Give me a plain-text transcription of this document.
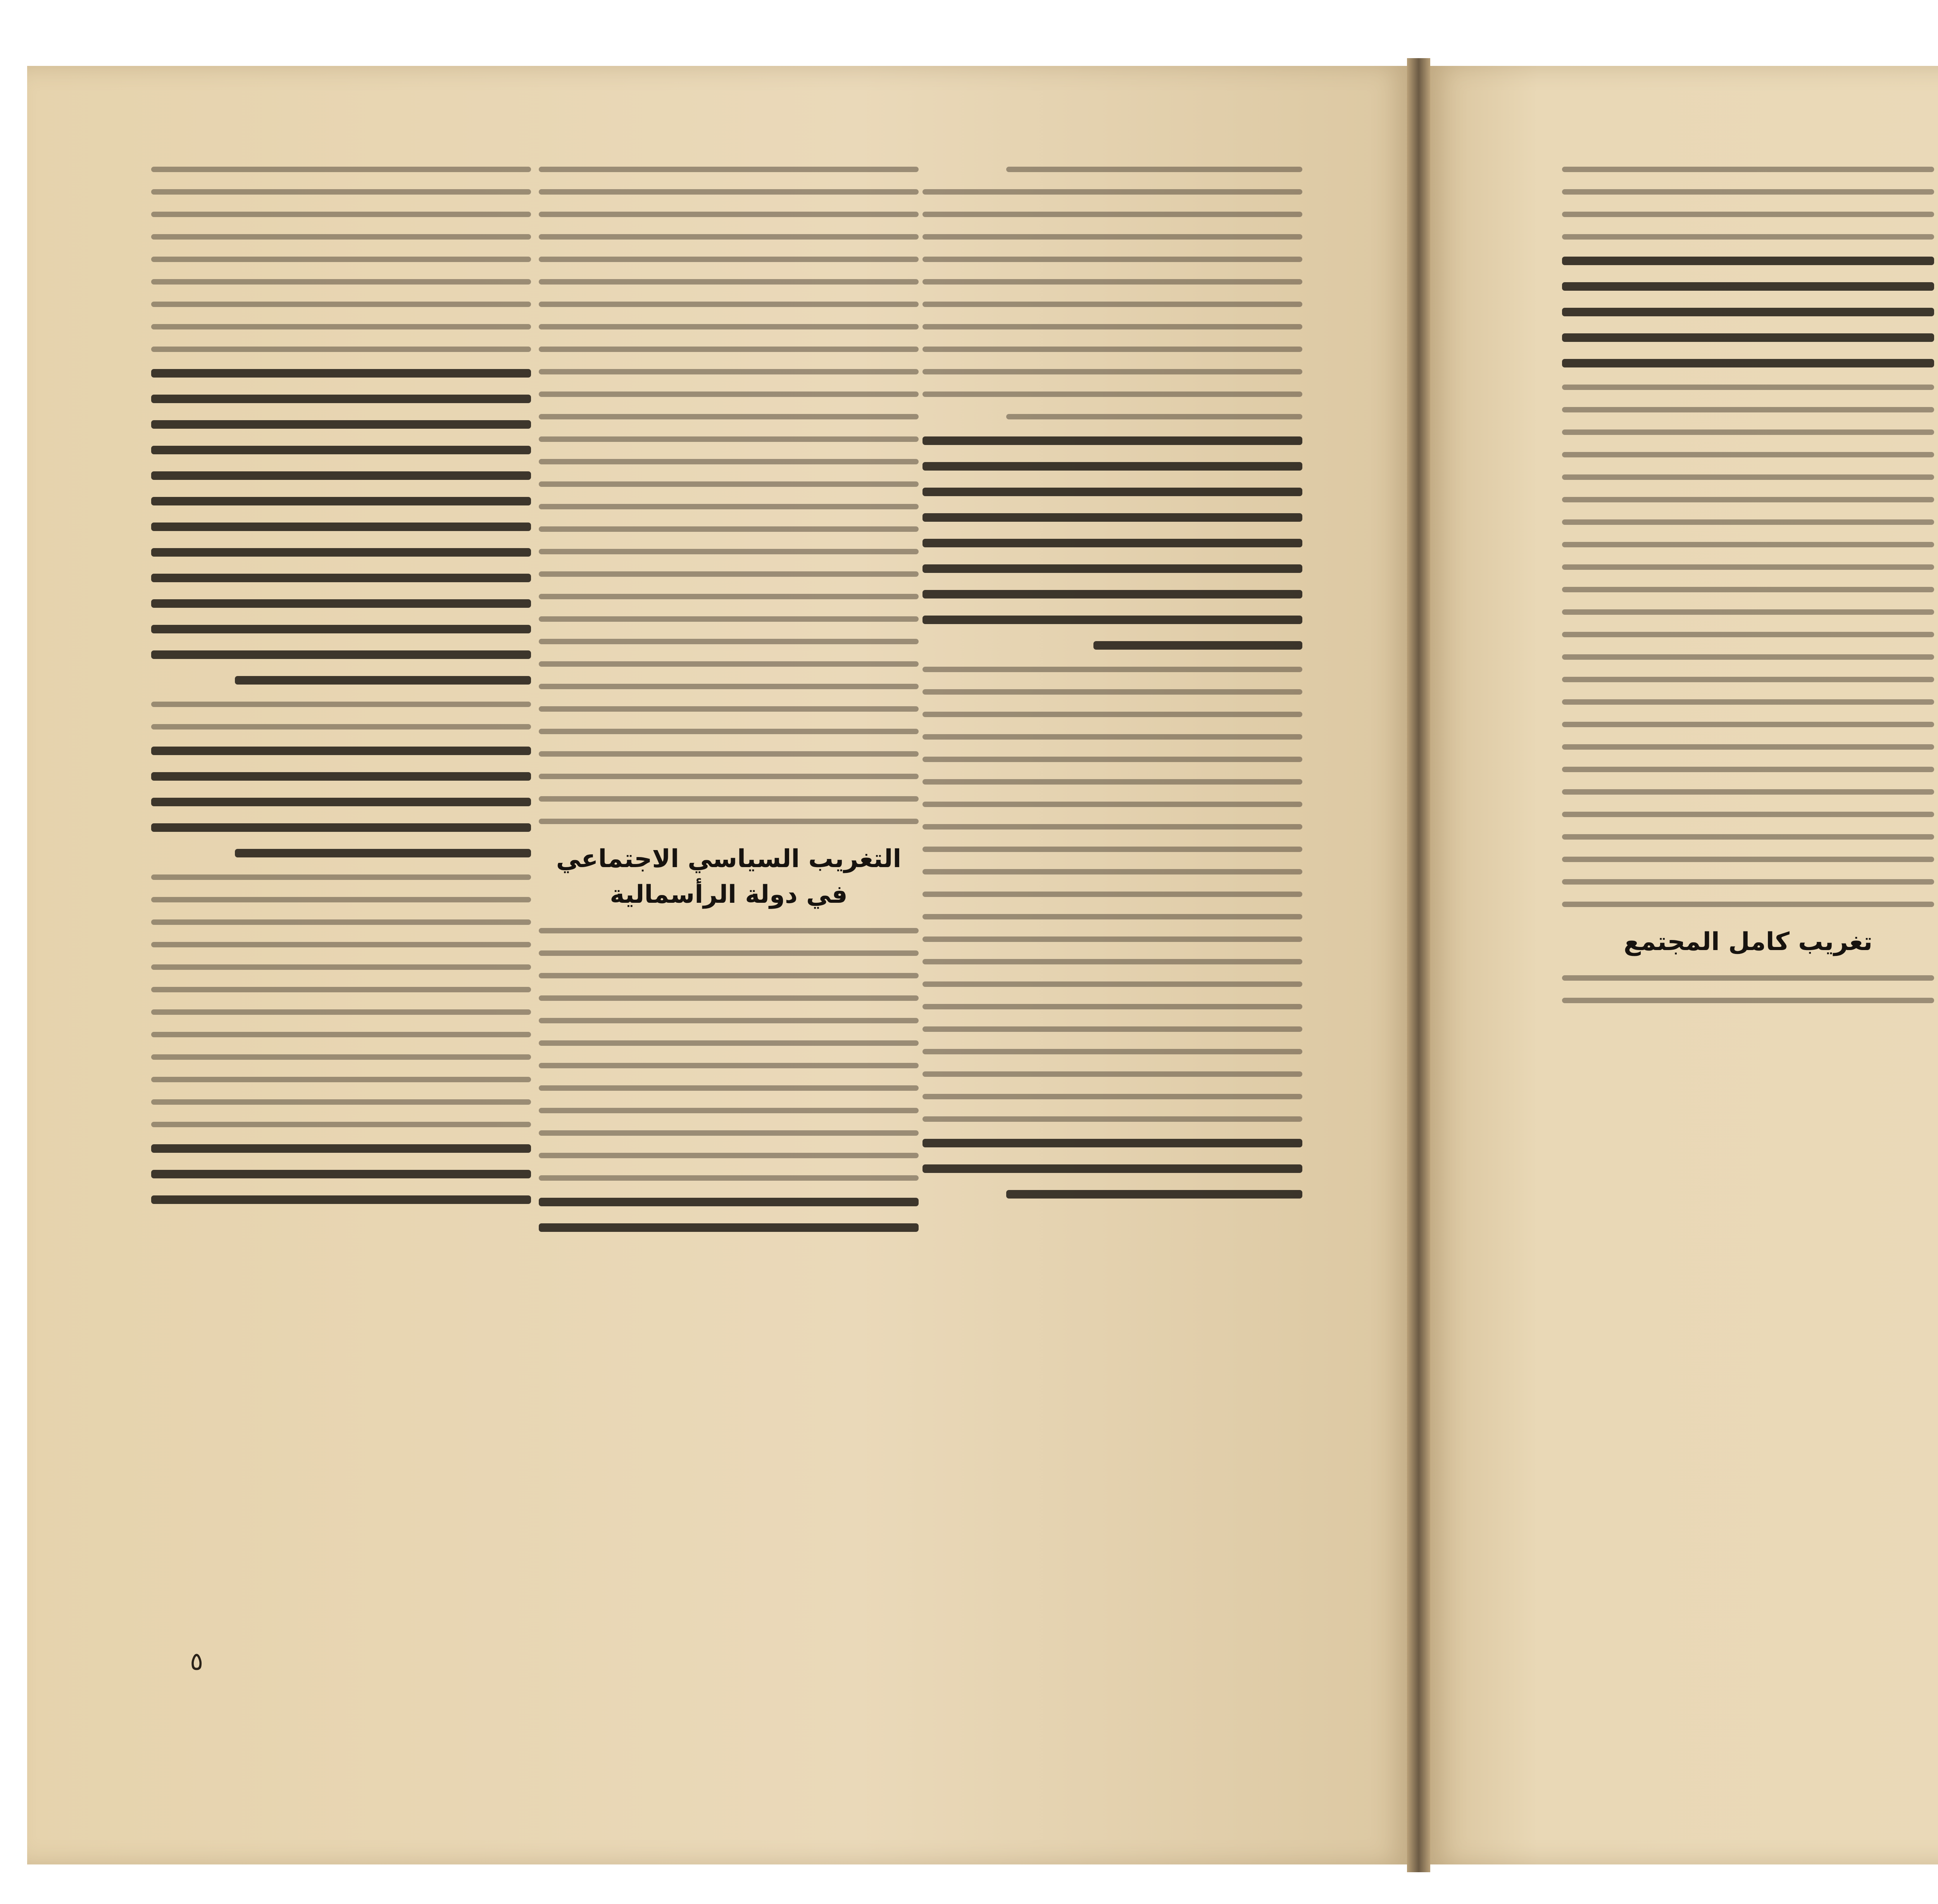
٥
التغريب السياسي الاجتماعي في دولة الرأسمالية
تغريب كامل المجتمع
